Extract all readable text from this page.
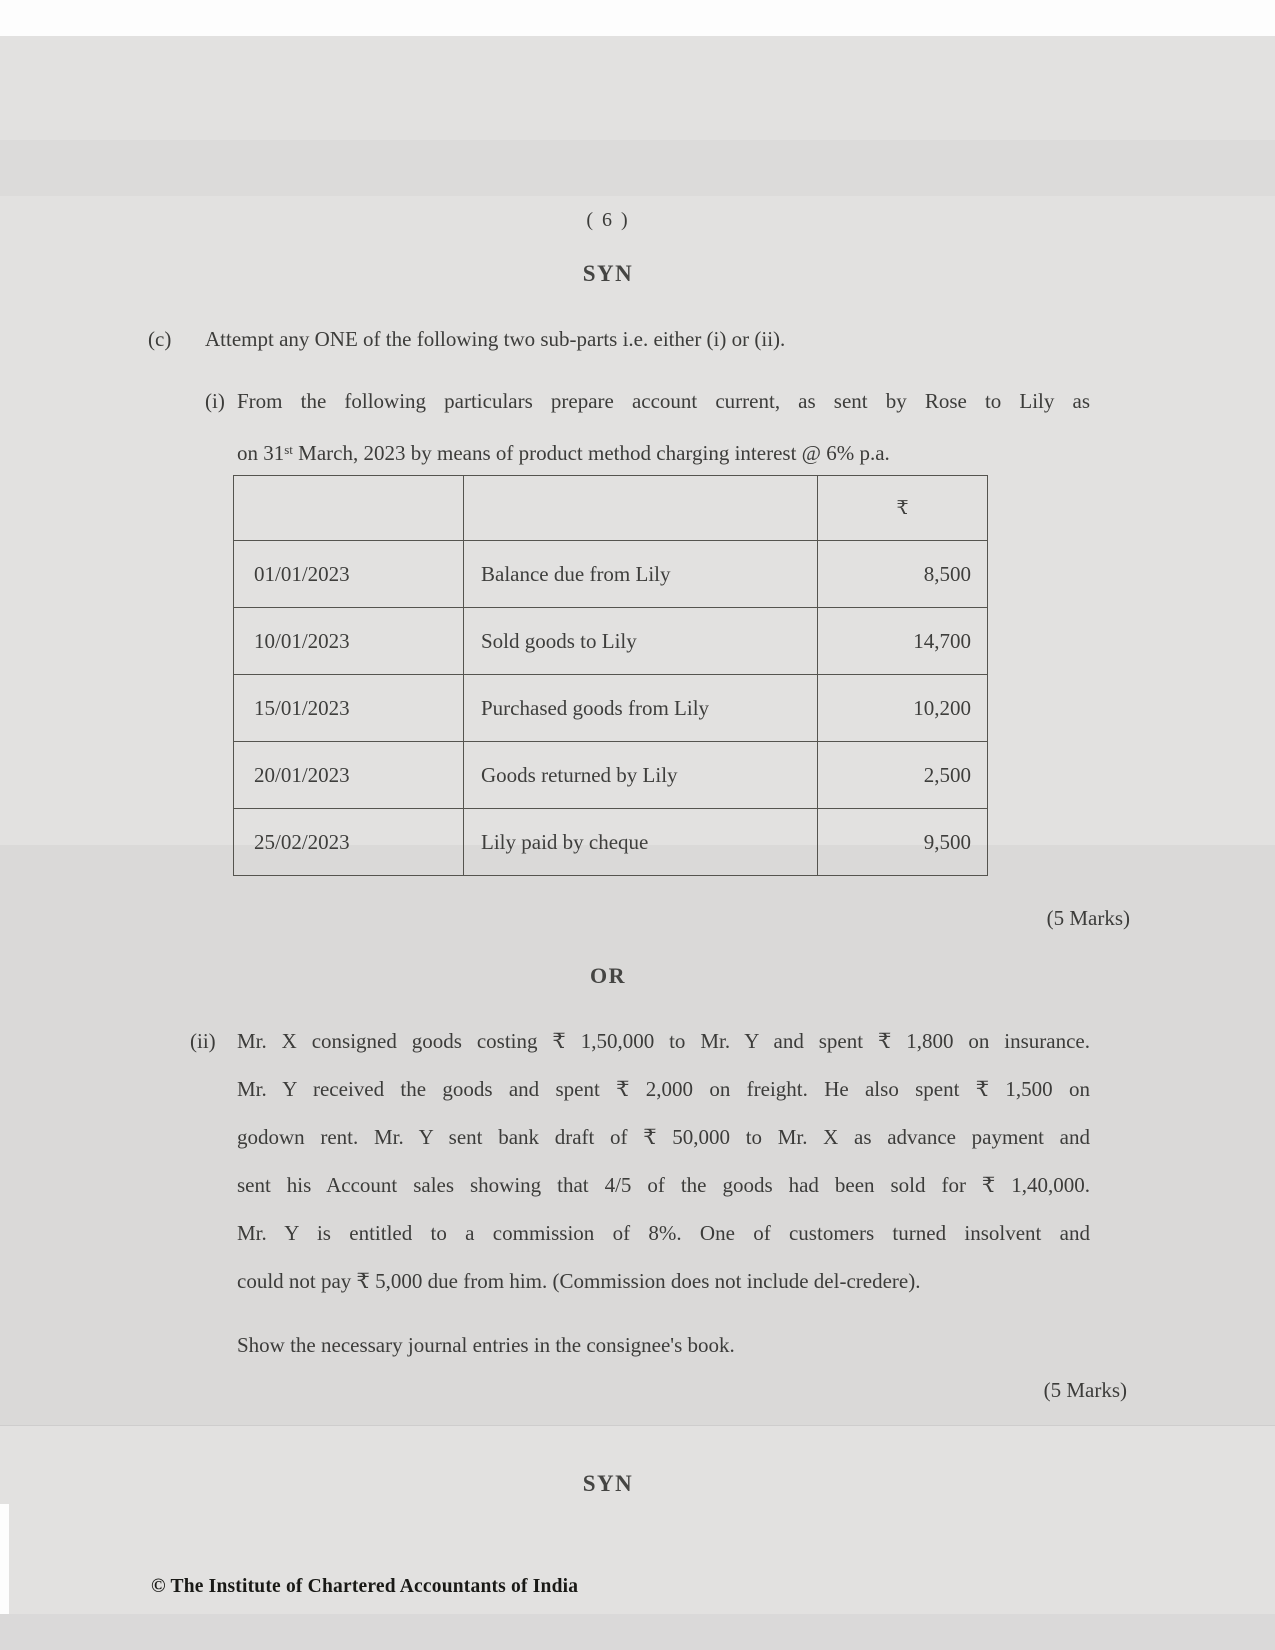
( 6 )
SYN
(c) Attempt any ONE of the following two sub-parts i.e. either (i) or (ii).
(i) From the following particulars prepare account current, as sent by Rose to Lily as
on 31st March, 2023 by means of product method charging interest @ 6% p.a.
		₹
01/01/2023	Balance due from Lily	8,500
10/01/2023	Sold goods to Lily	14,700
15/01/2023	Purchased goods from Lily	10,200
20/01/2023	Goods returned by Lily	2,500
25/02/2023	Lily paid by cheque	9,500
(5 Marks)
OR
(ii) Mr. X consigned goods costing ₹ 1,50,000 to Mr. Y and spent ₹ 1,800 on insurance.
Mr. Y received the goods and spent ₹ 2,000 on freight. He also spent ₹ 1,500 on
godown rent. Mr. Y sent bank draft of ₹ 50,000 to Mr. X as advance payment and
sent his Account sales showing that 4/5 of the goods had been sold for ₹ 1,40,000.
Mr. Y is entitled to a commission of 8%. One of customers turned insolvent and
could not pay ₹ 5,000 due from him. (Commission does not include del-credere).
Show the necessary journal entries in the consignee's book.
(5 Marks)
SYN
© The Institute of Chartered Accountants of India
